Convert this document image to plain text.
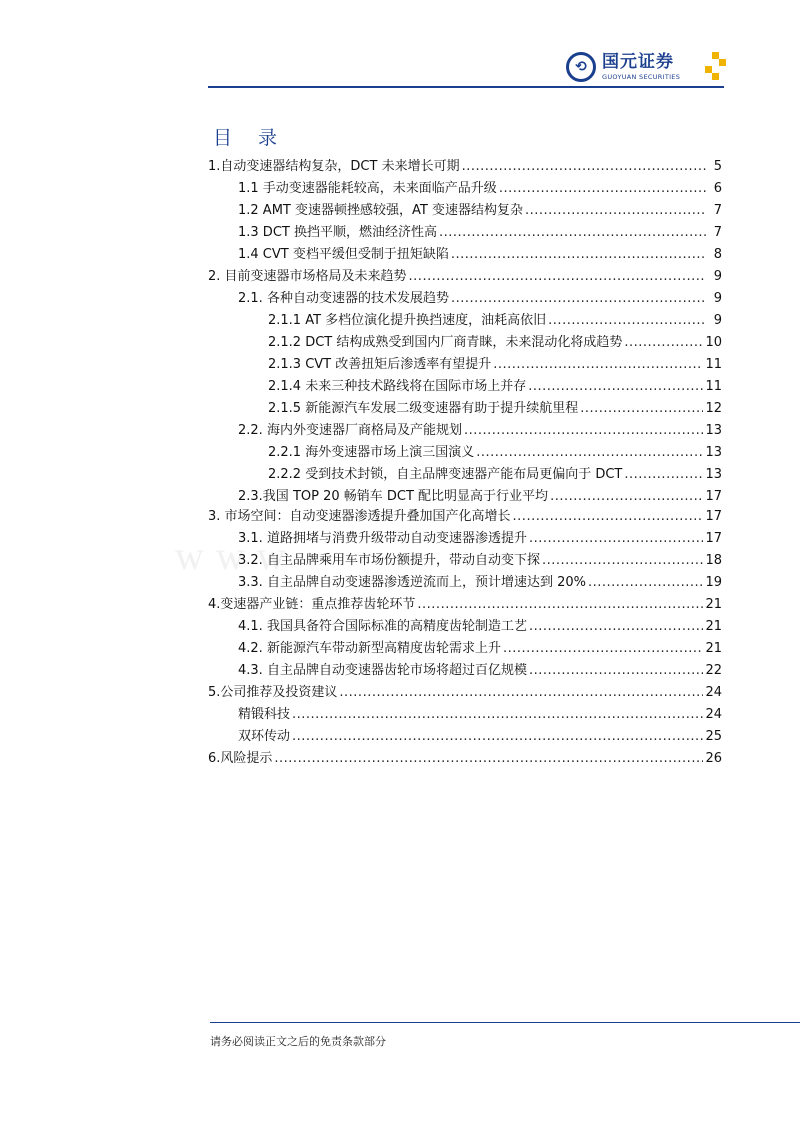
⟲ 国元证券
GUOYUAN SECURITIES
目 录
www
1.自动变速器结构复杂，DCT 未来增长可期 .....	5
1.1 手动变速器能耗较高，未来面临产品升级 .....	6
1.2 AMT 变速器顿挫感较强，AT 变速器结构复杂 .....	7
1.3 DCT 换挡平顺，燃油经济性高 .....	7
1.4 CVT 变档平缓但受制于扭矩缺陷 .....	8
2. 目前变速器市场格局及未来趋势 .....	9
2.1. 各种自动变速器的技术发展趋势 .....	9
2.1.1 AT 多档位演化提升换挡速度，油耗高依旧 .....	9
2.1.2 DCT 结构成熟受到国内厂商青睐，未来混动化将成趋势 .....	10
2.1.3 CVT 改善扭矩后渗透率有望提升 .....	11
2.1.4 未来三种技术路线将在国际市场上并存 .....	11
2.1.5 新能源汽车发展二级变速器有助于提升续航里程 .....	12
2.2. 海内外变速器厂商格局及产能规划 .....	13
2.2.1 海外变速器市场上演三国演义 .....	13
2.2.2 受到技术封锁，自主品牌变速器产能布局更偏向于 DCT .....	13
2.3.我国 TOP 20 畅销车 DCT 配比明显高于行业平均 .....	17
3. 市场空间：自动变速器渗透提升叠加国产化高增长 .....	17
3.1. 道路拥堵与消费升级带动自动变速器渗透提升 .....	17
3.2. 自主品牌乘用车市场份额提升，带动自动变下探 .....	18
3.3. 自主品牌自动变速器渗透逆流而上，预计增速达到 20% .....	19
4.变速器产业链：重点推荐齿轮环节 .....	21
4.1. 我国具备符合国际标准的高精度齿轮制造工艺 .....	21
4.2. 新能源汽车带动新型高精度齿轮需求上升 .....	21
4.3. 自主品牌自动变速器齿轮市场将超过百亿规模 .....	22
5.公司推荐及投资建议 .....	24
精锻科技 .....	24
双环传动 .....	25
6.风险提示 .....	26
请务必阅读正文之后的免责条款部分
